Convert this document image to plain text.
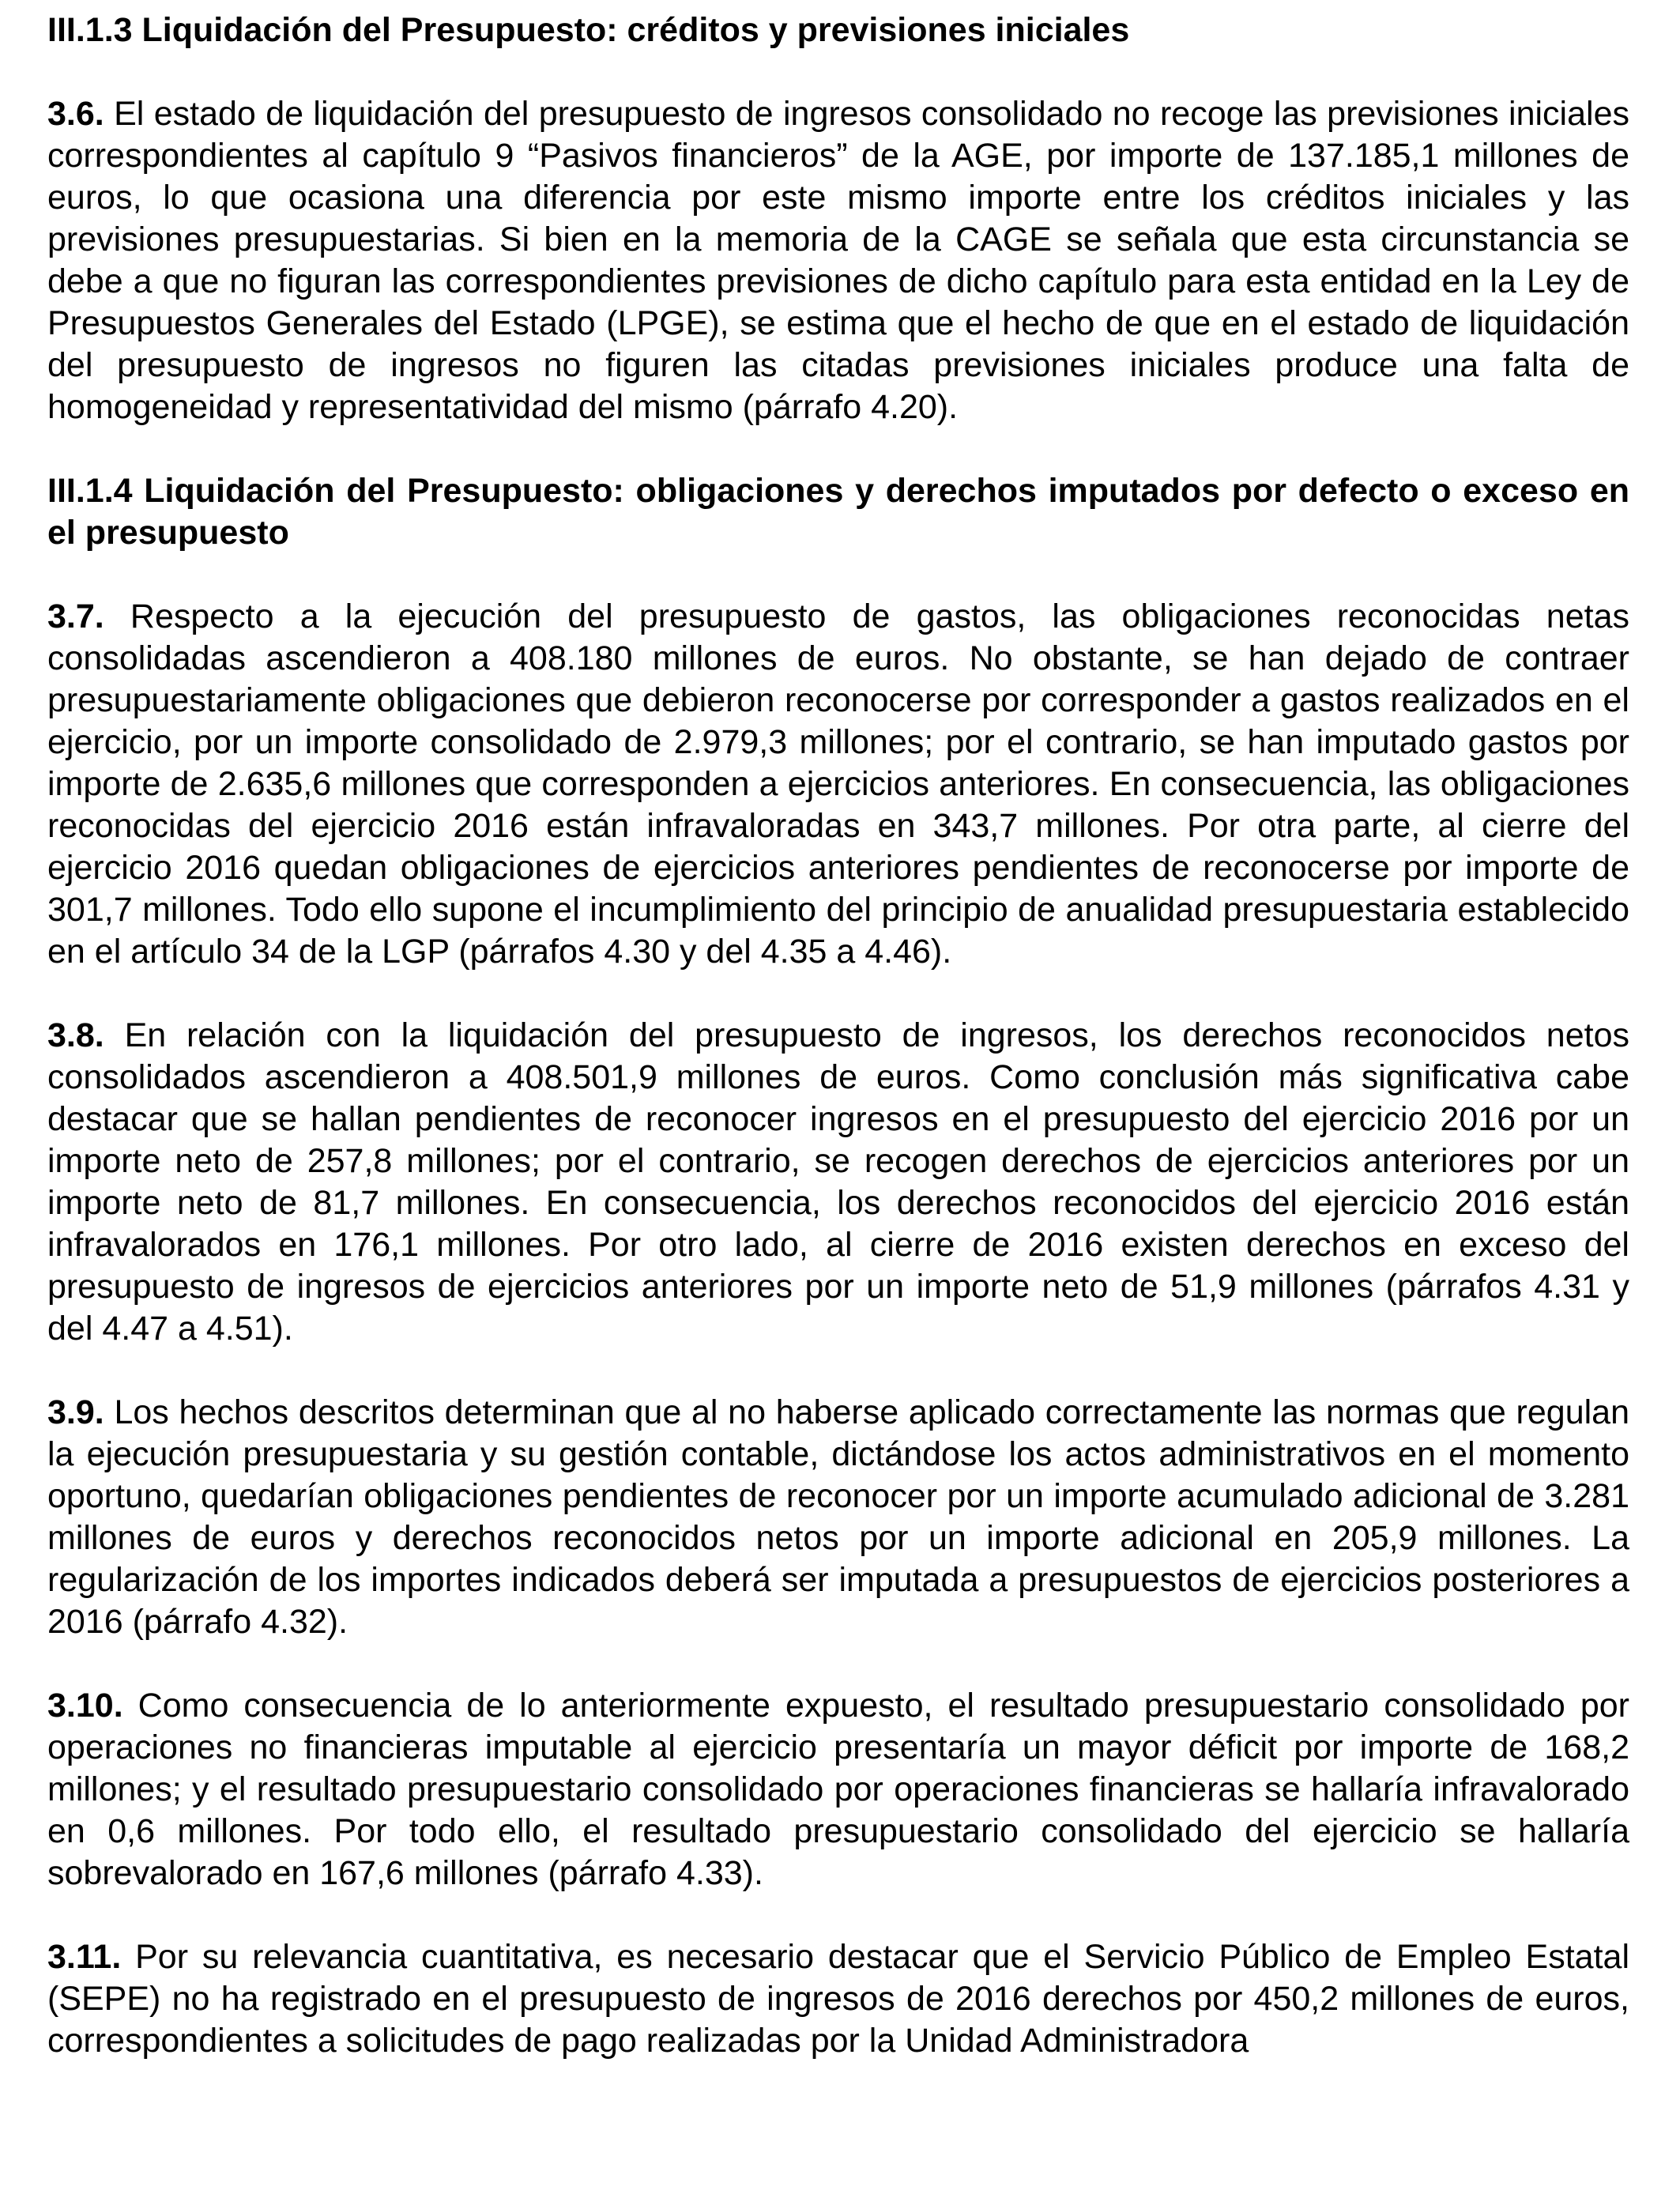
III.1.3 Liquidación del Presupuesto: créditos y previsiones iniciales

3.6. El estado de liquidación del presupuesto de ingresos consolidado no recoge las previsiones iniciales correspondientes al capítulo 9 “Pasivos financieros” de la AGE, por importe de 137.185,1 millones de euros, lo que ocasiona una diferencia por este mismo importe entre los créditos iniciales y las previsiones presupuestarias. Si bien en la memoria de la CAGE se señala que esta circunstancia se debe a que no figuran las correspondientes previsiones de dicho capítulo para esta entidad en la Ley de Presupuestos Generales del Estado (LPGE), se estima que el hecho de que en el estado de liquidación del presupuesto de ingresos no figuren las citadas previsiones iniciales produce una falta de homogeneidad y representatividad del mismo (párrafo 4.20).

III.1.4 Liquidación del Presupuesto: obligaciones y derechos imputados por defecto o exceso en el presupuesto

3.7. Respecto a la ejecución del presupuesto de gastos, las obligaciones reconocidas netas consolidadas ascendieron a 408.180 millones de euros. No obstante, se han dejado de contraer presupuestariamente obligaciones que debieron reconocerse por corresponder a gastos realizados en el ejercicio, por un importe consolidado de 2.979,3 millones; por el contrario, se han imputado gastos por importe de 2.635,6 millones que corresponden a ejercicios anteriores. En consecuencia, las obligaciones reconocidas del ejercicio 2016 están infravaloradas en 343,7 millones. Por otra parte, al cierre del ejercicio 2016 quedan obligaciones de ejercicios anteriores pendientes de reconocerse por importe de 301,7 millones. Todo ello supone el incumplimiento del principio de anualidad presupuestaria establecido en el artículo 34 de la LGP (párrafos 4.30 y del 4.35 a 4.46).

3.8. En relación con la liquidación del presupuesto de ingresos, los derechos reconocidos netos consolidados ascendieron a 408.501,9 millones de euros. Como conclusión más significativa cabe destacar que se hallan pendientes de reconocer ingresos en el presupuesto del ejercicio 2016 por un importe neto de 257,8 millones; por el contrario, se recogen derechos de ejercicios anteriores por un importe neto de 81,7 millones. En consecuencia, los derechos reconocidos del ejercicio 2016 están infravalorados en 176,1 millones. Por otro lado, al cierre de 2016 existen derechos en exceso del presupuesto de ingresos de ejercicios anteriores por un importe neto de 51,9 millones (párrafos 4.31 y del 4.47 a 4.51).

3.9. Los hechos descritos determinan que al no haberse aplicado correctamente las normas que regulan la ejecución presupuestaria y su gestión contable, dictándose los actos administrativos en el momento oportuno, quedarían obligaciones pendientes de reconocer por un importe acumulado adicional de 3.281 millones de euros y derechos reconocidos netos por un importe adicional en 205,9 millones. La regularización de los importes indicados deberá ser imputada a presupuestos de ejercicios posteriores a 2016 (párrafo 4.32).

3.10. Como consecuencia de lo anteriormente expuesto, el resultado presupuestario consolidado por operaciones no financieras imputable al ejercicio presentaría un mayor déficit por importe de 168,2 millones; y el resultado presupuestario consolidado por operaciones financieras se hallaría infravalorado en 0,6 millones. Por todo ello, el resultado presupuestario consolidado del ejercicio se hallaría sobrevalorado en 167,6 millones (párrafo 4.33).

3.11. Por su relevancia cuantitativa, es necesario destacar que el Servicio Público de Empleo Estatal (SEPE) no ha registrado en el presupuesto de ingresos de 2016 derechos por 450,2 millones de euros, correspondientes a solicitudes de pago realizadas por la Unidad Administradora
